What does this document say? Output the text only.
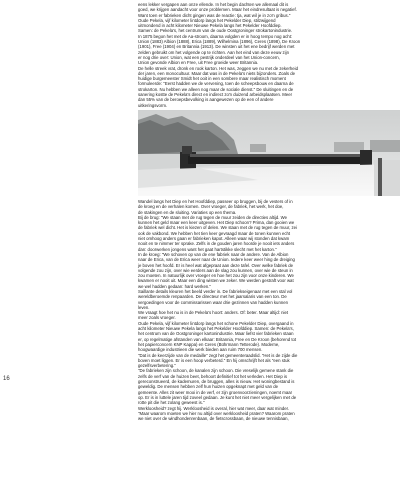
eens lekker vergapen aan onze ellende. In het begin dachten we allemaal dit is
goed, we krijgen aandacht voor onze problemen. Maar het eindresultaat is negatief.
Want toen er fabrieken dicht gingen was de reactie: tja, wat wil je in zo'n gribus."
Oude Pekela, vijf kilometer lintdorp langs het Pekelder Diep, stilzwijgend
uitmondend in acht kilometer Nieuwe Pekela langs het Pekelder Hoofddiep.
Samen: de Pekela's, het centrum van de oude Oostgroninger strokartonindustrie.
In 1875 begon het met de Aa-stroom, daarna volgden er in hoog tempo nog acht:
Union (1883) Albion (1888), Erica (1889), Wilhelmina (1896), Ceres (1898), De Kroon
(1901), Free (1904) en Britannia (1913). De winsten uit het ene bedrijf werden met
zelden gebruikt om het volgende op te richten. Aan het eind van deze eeuw zijn
er nog drie over: Union, wat een pestrijk onderdeel van het Union-concern,
Union gevonde Albion en Free, uit Free groeide weer Britannia.
De helle streek vrat, dronk en rook karton. Het was, zeggen we nu met de zekerheid
der jaren, een monocultuur. Maar dat was in de Pekela's niets bijzonders. Zoals de
huidige burgemeester Smidt het ooit in een sombere maar realistisch moment
formuleerde: "Eerst hadden we de vervening, toen de scheepsbouw en daarna de
strokarton. Nu hebben we alleen nog maar de sociale dienst." De sluitingen en de
sanering kostte de Pekela's direct en indirect zo'n duizend arbeidsplaatsen. Meer
dan 55% van de beroepsbevolking is aangewezen op de een of andere
uitkeringsvorm.
Wandel langs het Diep en het Hoofddiep, passeer op bruggen, bij de vesters of in
de kroeg en de verhalen komen. Over vroeger, de fabriek, het werk, het doe,
de stakingen en de sluiting. Variaties op een thema.
Bij de brug: "We staan met de rug tegen de muur zeiden de directies altijd. We
kunnen het geld maar een keer uitgeven. Het Diep schoon? Prima, dan gooien we
de fabriek wel dicht. Het is kiezen of delen. We staan met de rug tegen de muur, zei
ook de vakbond. We hebben het tien keer gevraagd maar de tonen kunnen echt
niet omhoog anders gaan er fabrieken kapot. Alleen waar wij stonden dat kwam
nooit en te nimmer ter sprake. Zelfs in de gouden jaren hoorde je nooit iets anders
dan: doorwerken jongens want het gaat hartstikke slecht met het karton."
In de kroeg: "We schoven op van de ene fabriek naar de andere. Van de Albion
naar de Erica, van de Erica weer naar de Union. Iedere keer weer hing de dreiging
je boven het hoofd. Er is heel wat afgepraat aan deze tafel. Over welke fabriek de
volgende zou zijn, over wie eerders aan de slag zou kunnen, over wie de steun in
zou moeten. In natuurlijk over vroeger en hoe het zou zijn voor onze kinderen. We
kwamen er nooit uit. Maar een ding wisten we zeker. We werden gestraft voor wat
we wel hadden gedaan: hard werken."
Saillante details kleuren het beeld verder in. De fabriekseigenaar met een stal vol
wereldberoemde renpaarden. De directeur met het jaarsalaris van een ton. De
vergoedingen voor de commissarissen waar drie gezinnen van hadden kunnen
leven.
We vraagt hoe het nu is in de Pekela's hoort: anders. Of: beter. Maar altijd: niet
meer zoals vroeger.
Oude Pekela, vijf kilometer lintdorp langs het schone Pekelder Diep, overgaand in
acht kilometer Nieuwe Pekela langs het Pekelder Hoofddiep. Samen: de Pekela's,
het centrum van de Oostgroninger kartonindustrie. Maar liefst vier fabrieken staan
er, op regelmatige afstanden van elkaar: Britannia, Free en De Kroon (behorend tot
het papierconcern KNP Kappa) en Ceres (Bührmann Tetterode). Moderne,
hoogwaardige industrieen die werk bieden aan ruim 700 mensen.
"Dat is de keerzijde van de medaille" zegt het gemeenteraadslid. "Het is de zijde die
boven moet liggen. Er is een hoop verbeterd." En hij omschrijft het als "een stuk
gezelfsverbetering."
"De fabrieken zijn schoon, de kanalen zijn schoon. Die vreselijk gemene stank die
zelfs de verf van de huizen beet, behoort definitief tot het verleden. Het Diep is
gereconstrueerd, de kademuren, de bruggen, alles is nieuw. Het woningbestand is
geweldig. De mensen hebben zelf hun huizen opgeknapt met geld van de
gemeente. Alles zit weer mooi in de verf, er zijn groenvoorzieningen, noemt maar
op. Er is in luttele jaren tijd zoveel gedaan. Je kunt het niet meer vergelijken met de
rotte pit die het zolang geweest is."
Werkloosheid? zegt hij. Werkloosheid is overal, hier wat meer, daar wat minder.
"Maar waarom moeten we hier nu altijd over werkloosheid praten? Waarom praten
we niet over de windhondenrenbaan, de fietscrossbaan, de nieuwe tennisbaan,
16
